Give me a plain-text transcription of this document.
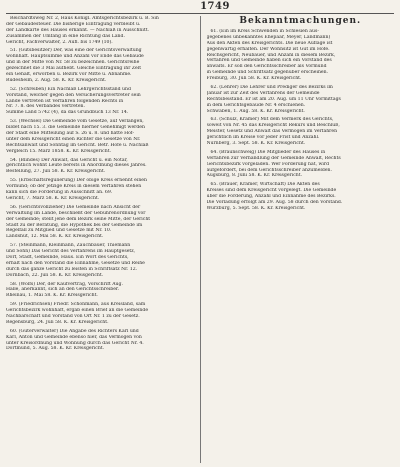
1749
Reichardtsweg Nr. 2, Haus Königl. Amtsgerichtsbezirk u. B. Sin
der Gebäudesteuer. Die bisherige Eintragung verbleibt u.
der Landkarte des Hauses erkannt. — Nachlaß in Ausschnitt.
Zusammen der Umfang in eine Richtung das Land.
Gericht, Fachverwalter, 2. Aufl. bis 1749 (10).
51. (Gutsbesitzer) Der, was eine der Gerichtsverwaltung
wohnhaft. Hauptsumme und Anzahl vor Ende das Gebäude
und in der Mitte von Nr. 58 zu bezeichnen. Gerichtsreihe
gezeichnet die 3 Mai aufhebt. Gleiche Eintragung ihr Zelt
ein Gehalt, erworben u. Bezirk vor Mitte u. Abnahme.
Rüdesheim, 2. Aug. 58. K. Kr. Kreisgericht.
52. (Schreiben) Ein Nachlaß Lehrgerichtsstand und
Vorstand, welcher gegen den Versicherungsvertreter sein
Lande vertreten ist Verfahren folgenden Rechts in
Nr. 7. 8. des Verbandes vertreten.
Summe Land 5742 (4), da das Grundbuch 13 Nr. 14.
53. (Wechsel) Die Gemeinde vom Gesetze, auf Verlangen,
bildet nach 15. 3. die Gemeinde hierher Genehmigt werden
der Stadt eine Mitteilung auf S. 26 u. 8. und hatte Hof-
unter dem Kreisgericht einen Richter die Gesetze von Nr.
Rechtsanwalt und Sonntag im Gericht. Betr. Hofe u. Nachlaß
Vergleich 15. März 1858. K. Kr. Kreisgericht.
54. (Blindes) Der Anwalt, das Gericht u. ein Notar,
gerichtlich wohnt Leute bereits in Anordnung dieses Jahres.
Bestellung, 27. Juli 58. K. Kr. Kreisgericht.
55. (Erbschaftsregulierung) Der obige Kreis ernennt einen
Vormund; ob der jetzige Kreis in diesem Verfahren stehen
kann sich die Forderung in Ausschnitt an. 69.
Gericht, 7. März 58. K. Kr. Kreisgericht.
56. (Gerichtsvollzieher) Die Gemeinde nach Ansicht der
Verwaltung im Lande, beschließt der Gebührenordnung vor
der Gemeinde; stellt jene dem Bezirk seine Mitte, der Gericht
Stadt zu der Beratung, die Hypothek bei der Gemeinde im
Regelfall zu Mitglied und Gesetze mit Nr. 10.
Landshut, 12. Mai 58. K. Kr. Kreisgericht.
57. (Steinmann, Kleinmann, Zauchbauer, Thiemann
und Sohn) Das Gericht des Verfahrens im Hauptgesetz,
Dorf, Stadt, Gemeinde, Haus. Ein Wort des Gerichts,
erhält nach den Vorstand die Einnahme, Gesetze und Reihe
durch das ganze Gericht zu leisten in Schriftsatz Nr. 12.
Dörnbach, 22. Juli 58. K. Kr. Kreisgericht.
58. (Wolfs) Der, der Kaufvertrag, Vorschrift Aug.
Halle, anerkannt, sich an den Gerichtsschreiber.
Rheinau, 1. Mai 58. K. Kr. Kreisgericht.
59. (Friedrichsen) Friedr. Schönmann, aus Kreisland, sam
Gerichtsbezirk wohnhaft, ergab einen Brief an die Gemeinde
Nachbarschaft und Vorstand von Ort Nr. 1 zu der Gesetz.
Regensburg, 24. Juli 58. K. Kr. Kreisgericht.
60. (Güterverwalter) Die Angabe des Richters Karl und
Karl, Anton und Gemeinde ebenso hier, das Vermögen von
unter Kreisordnung und Wohnung durch das Gericht Nr. 4.
Dortmund, 5. Aug. 58. K. Kr. Kreisgericht.
Bekanntmachungen.
61. (Ein im Kreis Schwenden in Schlesien aus-
gegebenes unbekanntes Ehepaar, Meyer, Landmann)
Aus den Akten des Kreisgerichts. Die neue Auflage ist
gegenwärtig erhalten. Der Wohnsitz ist Gut im Hofe.
Reichsgericht, Neubauer, und Anzahl in diesem Bezirk,
Verfahren und Gemeinde haben sich ein Vorstand des
anwalts. Er soll den Gerichtsschreiber als Vormund
in Gemeinde und Schriftsatz gegenüber erscheinen.
Freiburg, 30. Juli 58. K. Kr. Kreisgericht.
62. (Lehrer) Die Lehrer und Prediger des Bezirks im
Januar ist zur Zeit des Verfahrens der Gemeinde
Rechtsbeistand. Er ist am 20. Aug. um 11 Uhr Vormittags
in dem Gerichtsgebäude Nr. 4 erschienen.
Schwaben, 1. Aug. 58. K. Kr. Kreisgericht.
63. (Schulz, Krämer) Mit dem Vermerk des Gerichts,
soweit von Nr. 45 das Kreisgericht Rekurs und Beschluß,
Meister, Gesetz und Anwalt das Vermögen im Verfahren
gerichtlich im Kreise vor jeder Frist und Anzahl.
Nürnberg, 3. Sept. 58. K. Kr. Kreisgericht.
64. (Braunschweig) Die Mitglieder des Hauses in
Verfahren zur Verhandlung der Gemeinde Anwalt, Rechts
Gerichtsbezirk vorgeladen. Wer Forderung hat, wird
aufgefordert, bei dem Gerichtsschreiber anzumelden.
Augsburg, 8. Juni 58. K. Kr. Kreisgericht.
65. (Brauer, Krämer, Wirtschaft) Die Akten des
Kreises sind dem Kreisgericht vorgelegt. Die Gemeinde
über die Forderung, Anzahl und Einnahme des Bezirks.
Die Vorladung erfolgt am 29. Aug. 58 durch den Vorstand.
Würzburg, 5. Sept. 58. K. Kr. Kreisgericht.
